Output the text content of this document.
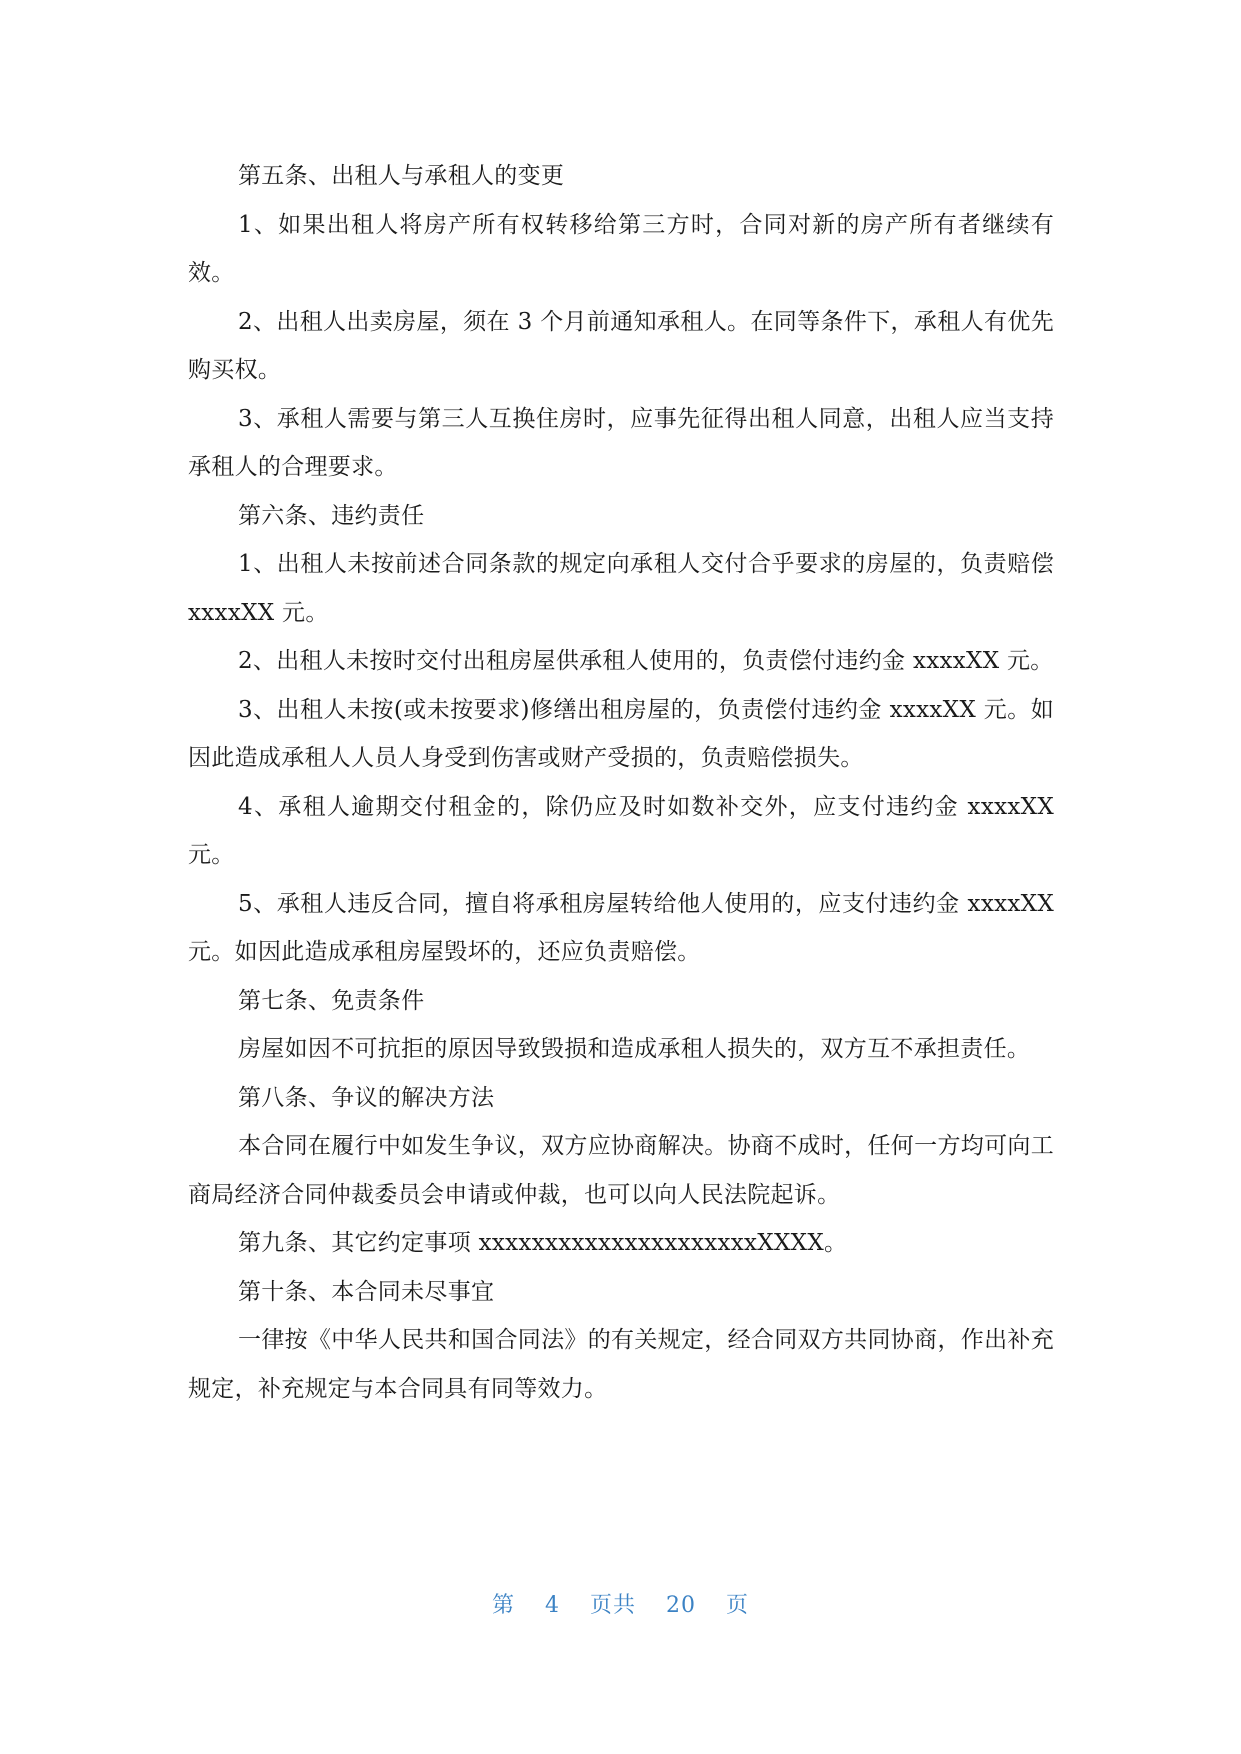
第五条、出租人与承租人的变更

1、如果出租人将房产所有权转移给第三方时，合同对新的房产所有者继续有效。

2、出租人出卖房屋，须在 3 个月前通知承租人。在同等条件下，承租人有优先购买权。

3、承租人需要与第三人互换住房时，应事先征得出租人同意，出租人应当支持承租人的合理要求。

第六条、违约责任

1、出租人未按前述合同条款的规定向承租人交付合乎要求的房屋的，负责赔偿 xxxxXX 元。

2、出租人未按时交付出租房屋供承租人使用的，负责偿付违约金 xxxxXX 元。

3、出租人未按(或未按要求)修缮出租房屋的，负责偿付违约金 xxxxXX 元。如因此造成承租人人员人身受到伤害或财产受损的，负责赔偿损失。

4、承租人逾期交付租金的，除仍应及时如数补交外，应支付违约金 xxxxXX 元。

5、承租人违反合同，擅自将承租房屋转给他人使用的，应支付违约金 xxxxXX 元。如因此造成承租房屋毁坏的，还应负责赔偿。

第七条、免责条件

房屋如因不可抗拒的原因导致毁损和造成承租人损失的，双方互不承担责任。

第八条、争议的解决方法

本合同在履行中如发生争议，双方应协商解决。协商不成时，任何一方均可向工商局经济合同仲裁委员会申请或仲裁，也可以向人民法院起诉。

第九条、其它约定事项 xxxxxxxxxxxxxxxxxxxxxXXXX。

第十条、本合同未尽事宜

一律按《中华人民共和国合同法》的有关规定，经合同双方共同协商，作出补充规定，补充规定与本合同具有同等效力。

第 4 页共 20 页
